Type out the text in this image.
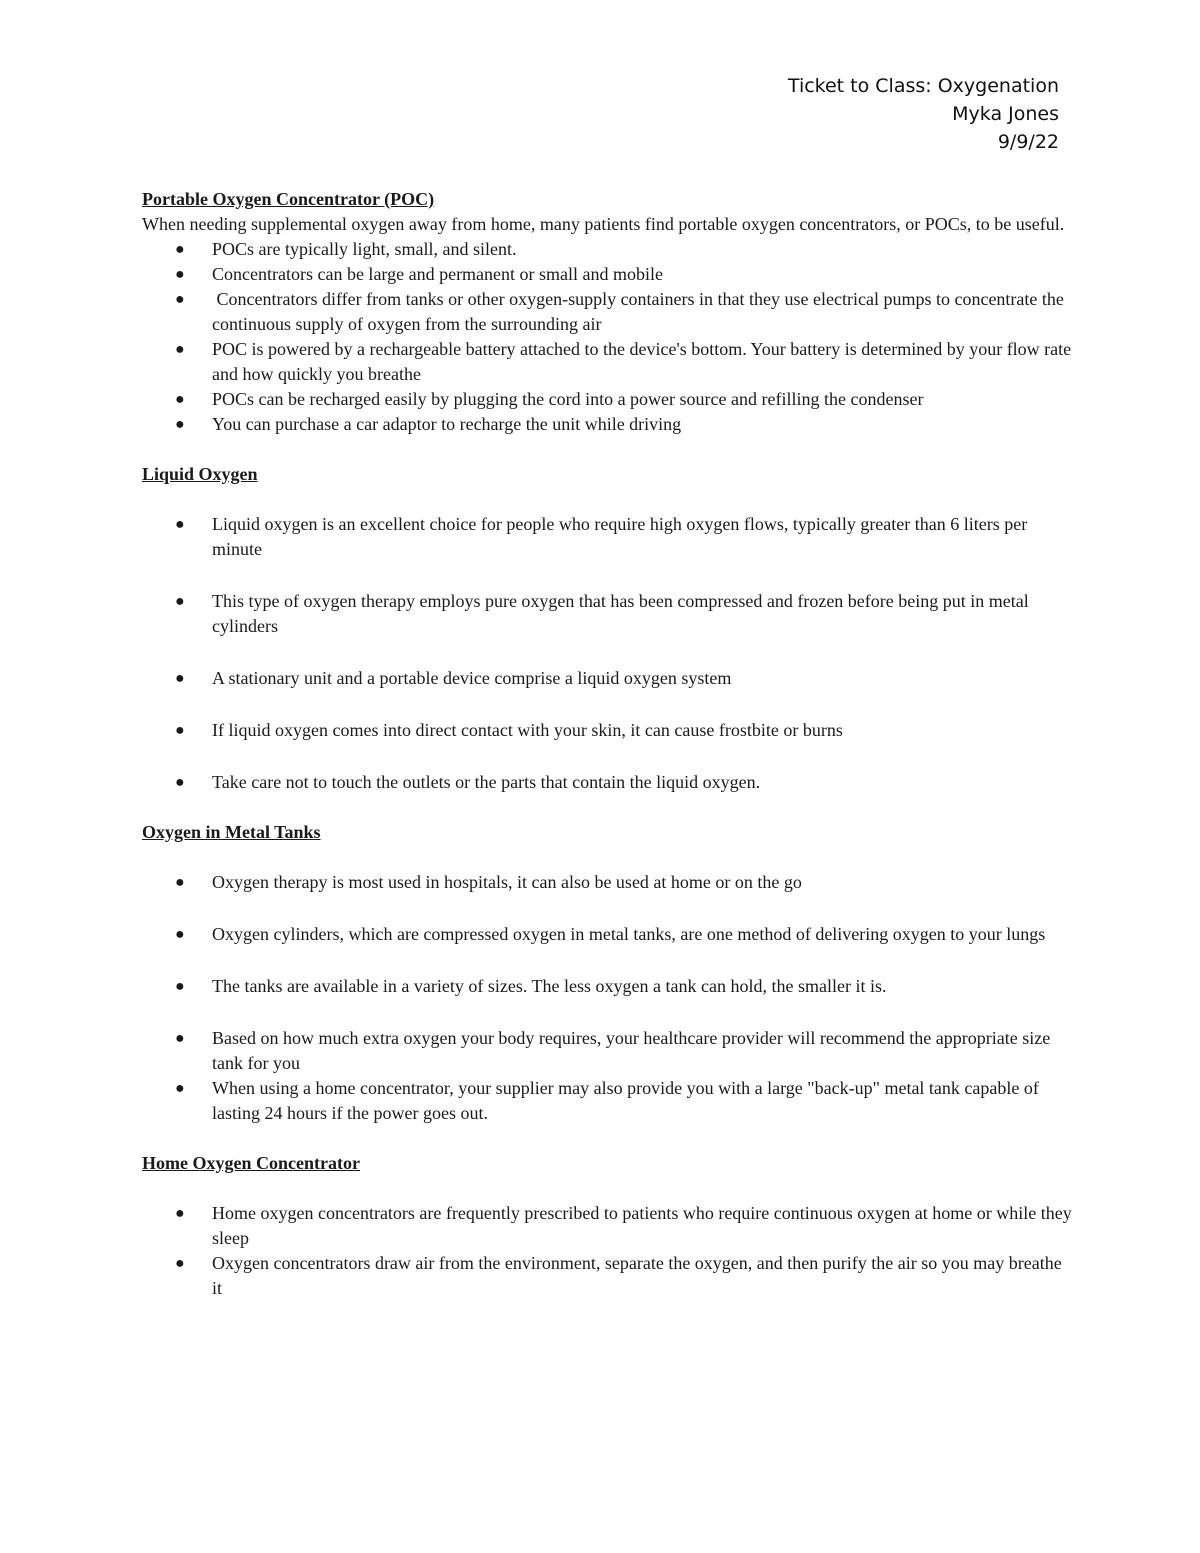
Ticket to Class: Oxygenation
Myka Jones
9/9/22

Portable Oxygen Concentrator (POC)

When needing supplemental oxygen away from home, many patients find portable oxygen concentrators, or POCs, to be useful.

● POCs are typically light, small, and silent.
● Concentrators can be large and permanent or small and mobile
● Concentrators differ from tanks or other oxygen-supply containers in that they use electrical pumps to concentrate the continuous supply of oxygen from the surrounding air
● POC is powered by a rechargeable battery attached to the device's bottom. Your battery is determined by your flow rate and how quickly you breathe
● POCs can be recharged easily by plugging the cord into a power source and refilling the condenser
● You can purchase a car adaptor to recharge the unit while driving

Liquid Oxygen

● Liquid oxygen is an excellent choice for people who require high oxygen flows, typically greater than 6 liters per minute
● This type of oxygen therapy employs pure oxygen that has been compressed and frozen before being put in metal cylinders
● A stationary unit and a portable device comprise a liquid oxygen system
● If liquid oxygen comes into direct contact with your skin, it can cause frostbite or burns
● Take care not to touch the outlets or the parts that contain the liquid oxygen.

Oxygen in Metal Tanks

● Oxygen therapy is most used in hospitals, it can also be used at home or on the go
● Oxygen cylinders, which are compressed oxygen in metal tanks, are one method of delivering oxygen to your lungs
● The tanks are available in a variety of sizes. The less oxygen a tank can hold, the smaller it is.
● Based on how much extra oxygen your body requires, your healthcare provider will recommend the appropriate size tank for you
● When using a home concentrator, your supplier may also provide you with a large "back-up" metal tank capable of lasting 24 hours if the power goes out.

Home Oxygen Concentrator

● Home oxygen concentrators are frequently prescribed to patients who require continuous oxygen at home or while they sleep
● Oxygen concentrators draw air from the environment, separate the oxygen, and then purify the air so you may breathe it
